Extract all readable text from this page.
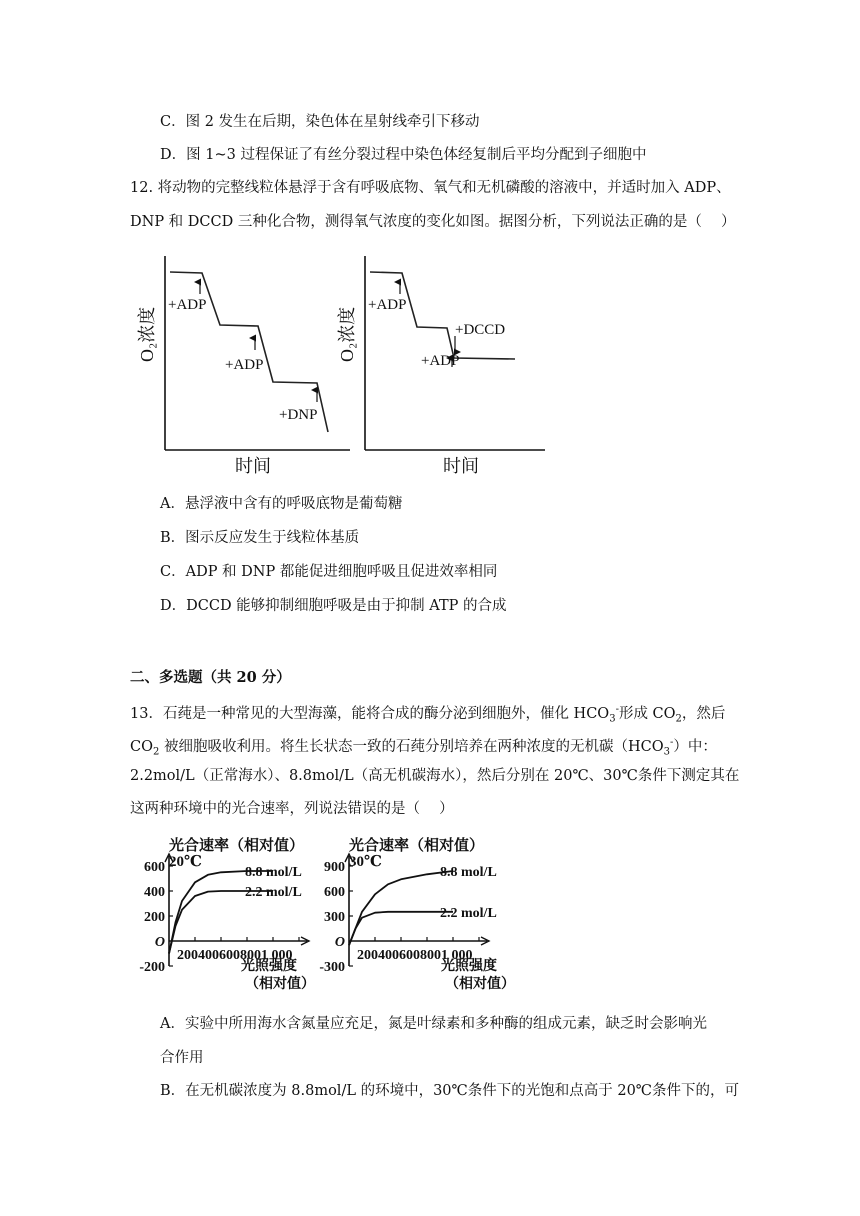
C．图 2 发生在后期，染色体在星射线牵引下移动
D．图 1~3 过程保证了有丝分裂过程中染色体经复制后平均分配到子细胞中
12. 将动物的完整线粒体悬浮于含有呼吸底物、氧气和无机磷酸的溶液中，并适时加入 ADP、
DNP 和 DCCD 三种化合物，测得氧气浓度的变化如图。据图分析，下列说法正确的是（　 ）
O₂浓度
时间
+ADP
+ADP
+DNP
O₂浓度
时间
+ADP
+DCCD
+ADP
A．悬浮液中含有的呼吸底物是葡萄糖
B．图示反应发生于线粒体基质
C．ADP 和 DNP 都能促进细胞呼吸且促进效率相同
D．DCCD 能够抑制细胞呼吸是由于抑制 ATP 的合成
二、多选题（共 20 分）
13．石莼是一种常见的大型海藻，能将合成的酶分泌到细胞外，催化 $HCO_3^-$形成 $CO_2$，然后
$CO_2$ 被细胞吸收利用。将生长状态一致的石莼分别培养在两种浓度的无机碳$(HCO_3^-)$中：
2.2mol/L（正常海水）、8.8mol/L（高无机碳海水），然后分别在 20℃、30℃条件下测定其在
这两种环境中的光合速率，列说法错误的是（　 ）
光合速率（相对值）
20℃
光照强度
（相对值）
600
400
200
O
-200
2004006008001 000
8.8 mol/L
2.2 mol/L
光合速率（相对值）
30℃
光照强度
（相对值）
900
600
300
O
-300
2004006008001 000
8.8 mol/L
2.2 mol/L
A．实验中所用海水含氮量应充足，氮是叶绿素和多种酶的组成元素，缺乏时会影响光
合作用
B．在无机碳浓度为 8.8mol/L 的环境中，30℃条件下的光饱和点高于 20℃条件下的，可
